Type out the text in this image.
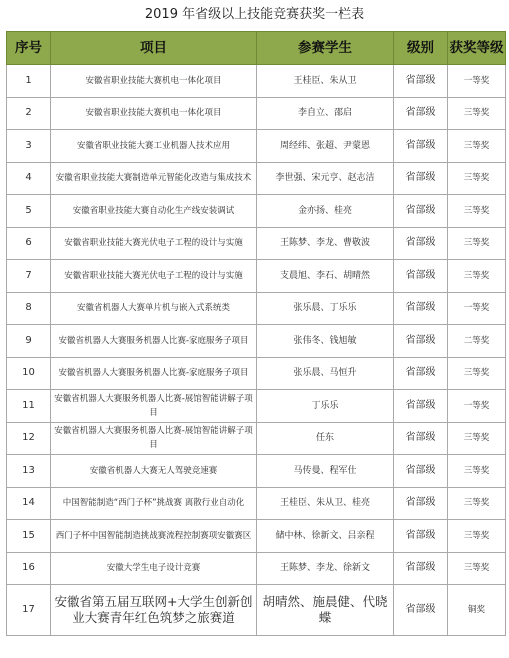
2019 年省级以上技能竞赛获奖一栏表
序号	项目	参赛学生	级别	获奖等级
1	安徽省职业技能大赛机电一体化项目	王桂臣、朱从卫	省部级	一等奖
2	安徽省职业技能大赛机电一体化项目	李自立、邵启	省部级	三等奖
3	安徽省职业技能大赛工业机器人技术应用	周经纬、张超、尹蒙恩	省部级	三等奖
4	安徽省职业技能大赛制造单元智能化改造与集成技术	李世强、宋元亨、赵志洁	省部级	三等奖
5	安徽省职业技能大赛自动化生产线安装调试	金亦扬、桂亮	省部级	三等奖
6	安徽省职业技能大赛光伏电子工程的设计与实施	王陈梦、李龙、曹敬波	省部级	三等奖
7	安徽省职业技能大赛光伏电子工程的设计与实施	支晨旭、李石、胡晴然	省部级	三等奖
8	安徽省机器人大赛单片机与嵌入式系统类	张乐晨、丁乐乐	省部级	一等奖
9	安徽省机器人大赛服务机器人比赛-家庭服务子项目	张伟冬、钱旭敏	省部级	二等奖
10	安徽省机器人大赛服务机器人比赛-家庭服务子项目	张乐晨、马恒升	省部级	三等奖
11	安徽省机器人大赛服务机器人比赛-展馆智能讲解子项目	丁乐乐	省部级	一等奖
12	安徽省机器人大赛服务机器人比赛-展馆智能讲解子项目	任东	省部级	三等奖
13	安徽省机器人大赛无人驾驶竞速赛	马传曼、程军仕	省部级	三等奖
14	中国智能制造“西门子杯”挑战赛 离散行业自动化	王桂臣、朱从卫、桂亮	省部级	三等奖
15	西门子杯中国智能制造挑战赛流程控制赛项安徽赛区	储中林、徐新文、吕亲程	省部级	三等奖
16	安徽大学生电子设计竞赛	王陈梦、李龙、徐新文	省部级	三等奖
17	安徽省第五届互联网+大学生创新创业大赛青年红色筑梦之旅赛道	胡晴然、施晨健、代晓蝶	省部级	铜奖
